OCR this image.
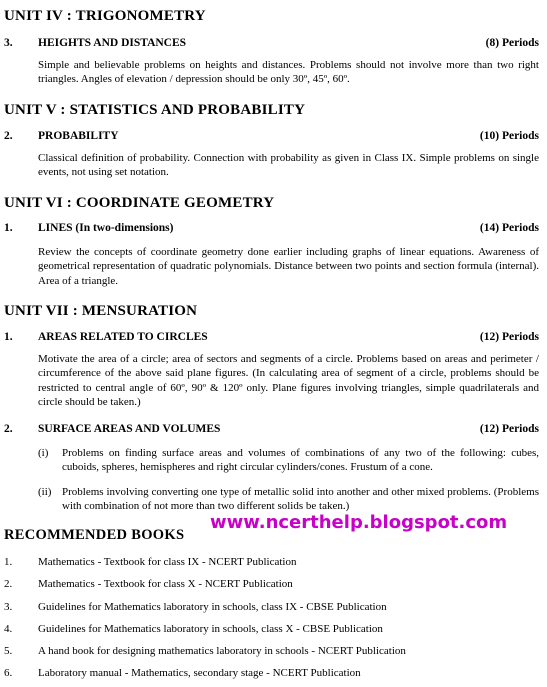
UNIT IV : TRIGONOMETRY
3. HEIGHTS AND DISTANCES	(8) Periods
Simple and believable problems on heights and distances. Problems should not involve more than two right triangles. Angles of elevation / depression should be only 30º, 45º, 60º.
UNIT V : STATISTICS AND PROBABILITY
2. PROBABILITY	(10) Periods
Classical definition of probability. Connection with probability as given in Class IX. Simple problems on single events, not using set notation.
UNIT VI : COORDINATE GEOMETRY
1. LINES (In two-dimensions)	(14) Periods
Review the concepts of coordinate geometry done earlier including graphs of linear equations. Awareness of geometrical representation of quadratic polynomials. Distance between two points and section formula (internal). Area of a triangle.
UNIT VII : MENSURATION
1. AREAS RELATED TO CIRCLES	(12) Periods
Motivate the area of a circle; area of sectors and segments of a circle. Problems based on areas and perimeter / circumference of the above said plane figures. (In calculating area of segment of a circle, problems should be restricted to central angle of 60º, 90º & 120º only. Plane figures involving triangles, simple quadrilaterals and circle should be taken.)
2. SURFACE AREAS AND VOLUMES	(12) Periods
(i) Problems on finding surface areas and volumes of combinations of any two of the following: cubes, cuboids, spheres, hemispheres and right circular cylinders/cones. Frustum of a cone.
(ii) Problems involving converting one type of metallic solid into another and other mixed problems. (Problems with combination of not more than two different solids be taken.)
www.ncerthelp.blogspot.com
RECOMMENDED BOOKS
1. Mathematics - Textbook for class IX - NCERT Publication
2. Mathematics - Textbook for class X - NCERT Publication
3. Guidelines for Mathematics laboratory in schools, class IX - CBSE Publication
4. Guidelines for Mathematics laboratory in schools, class X - CBSE Publication
5. A hand book for designing mathematics laboratory in schools - NCERT Publication
6. Laboratory manual - Mathematics, secondary stage - NCERT Publication
